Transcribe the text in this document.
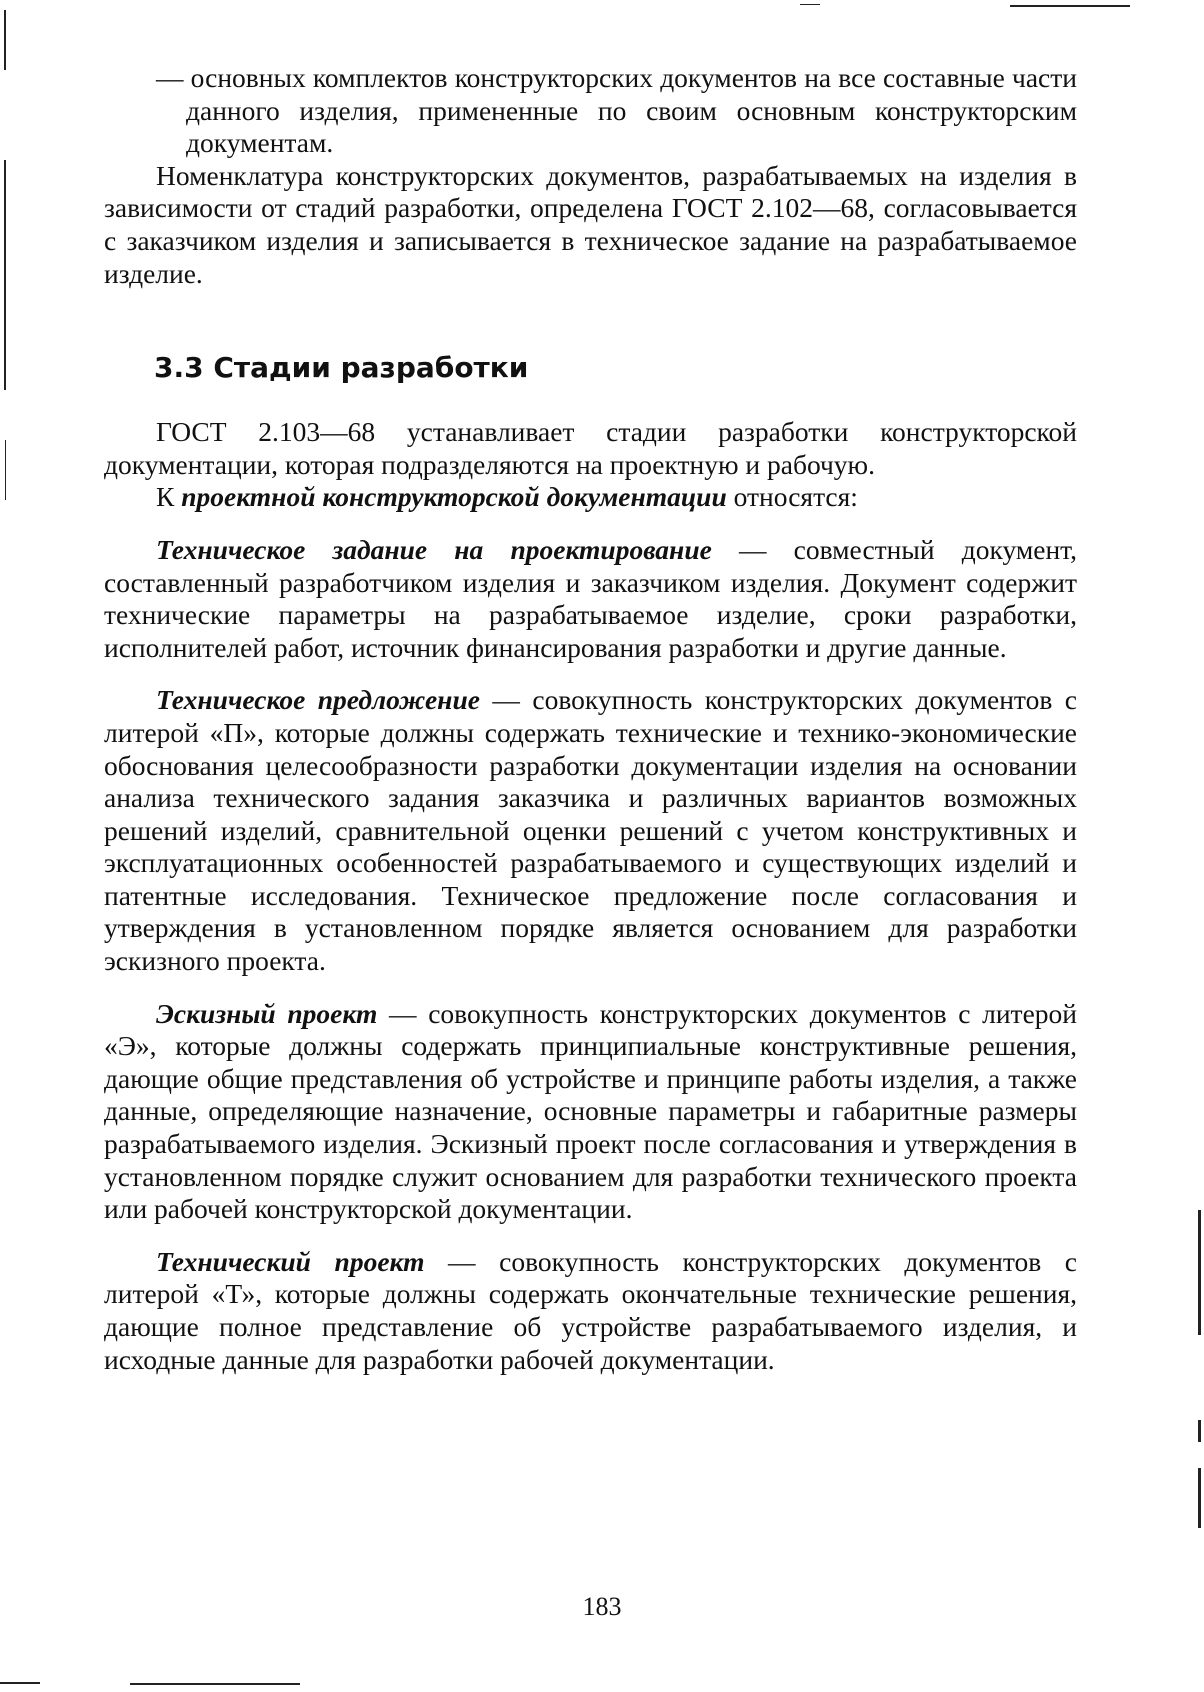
— основных комплектов конструкторских документов на все составные части данного изделия, примененные по своим основным конструкторским документам.

Номенклатура конструкторских документов, разрабатываемых на изделия в зависимости от стадий разработки, определена ГОСТ 2.102—68, согласовывается с заказчиком изделия и записывается в техническое задание на разрабатываемое изделие.

3.3 Стадии разработки

ГОСТ 2.103—68 устанавливает стадии разработки конструкторской документации, которая подразделяются на проектную и рабочую.

К проектной конструкторской документации относятся:

Техническое задание на проектирование — совместный документ, составленный разработчиком изделия и заказчиком изделия. Документ содержит технические параметры на разрабатываемое изделие, сроки разработки, исполнителей работ, источник финансирования разработки и другие данные.

Техническое предложение — совокупность конструкторских документов с литерой «П», которые должны содержать технические и технико-экономические обоснования целесообразности разработки документации изделия на основании анализа технического задания заказчика и различных вариантов возможных решений изделий, сравнительной оценки решений с учетом конструктивных и эксплуатационных особенностей разрабатываемого и существующих изделий и патентные исследования. Техническое предложение после согласования и утверждения в установленном порядке является основанием для разработки эскизного проекта.

Эскизный проект — совокупность конструкторских документов с литерой «Э», которые должны содержать принципиальные конструктивные решения, дающие общие представления об устройстве и принципе работы изделия, а также данные, определяющие назначение, основные параметры и габаритные размеры разрабатываемого изделия. Эскизный проект после согласования и утверждения в установленном порядке служит основанием для разработки технического проекта или рабочей конструкторской документации.

Технический проект — совокупность конструкторских документов с литерой «Т», которые должны содержать окончательные технические решения, дающие полное представление об устройстве разрабатываемого изделия, и исходные данные для разработки рабочей документации.

183
